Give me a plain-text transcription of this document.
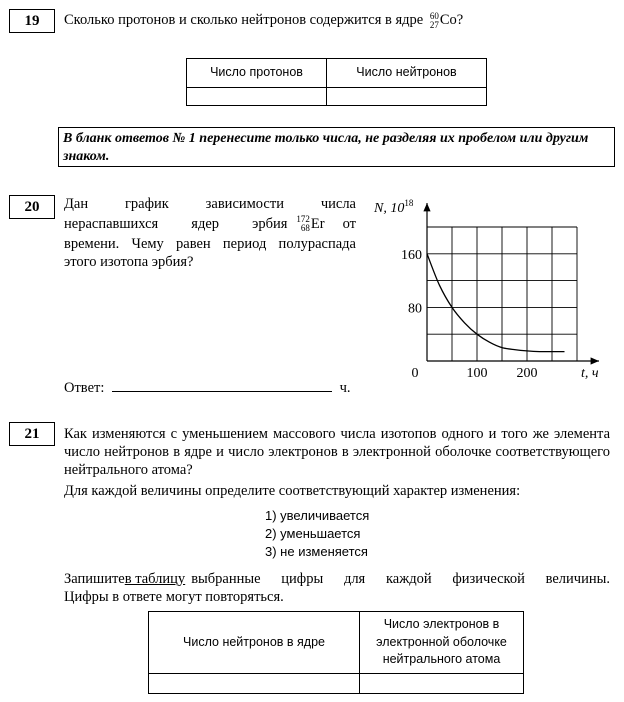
19	Сколько протонов и сколько нейтронов содержится в ядре 60
27 Co?
Число протонов	Число нейтронов

В бланк ответов № 1 перенесите только числа, не разделяя их пробелом или другим знаком.
20	Дан график зависимости числа
нераспавшихся ядер эрбия 172
68 Er от
времени. Чему равен период полураспада
этого изотопа эрбия?
Ответ:	ч.
N, $10^{18}$
t, ч
0	100 200
80
160
21	Как изменяются с уменьшением массового числа изотопов одного и того же элемента число нейтронов в ядре и число электронов в электронной оболочке соответствующего нейтрального атома?
Для каждой величины определите соответствующий характер изменения:
1) увеличивается
2) уменьшается
3) не изменяется
Запишите в таблицу выбранные цифры для каждой физической величины.
Цифры в ответе могут повторяться.
Число нейтронов в ядре	Число электронов в электронной оболочке нейтрального атома
